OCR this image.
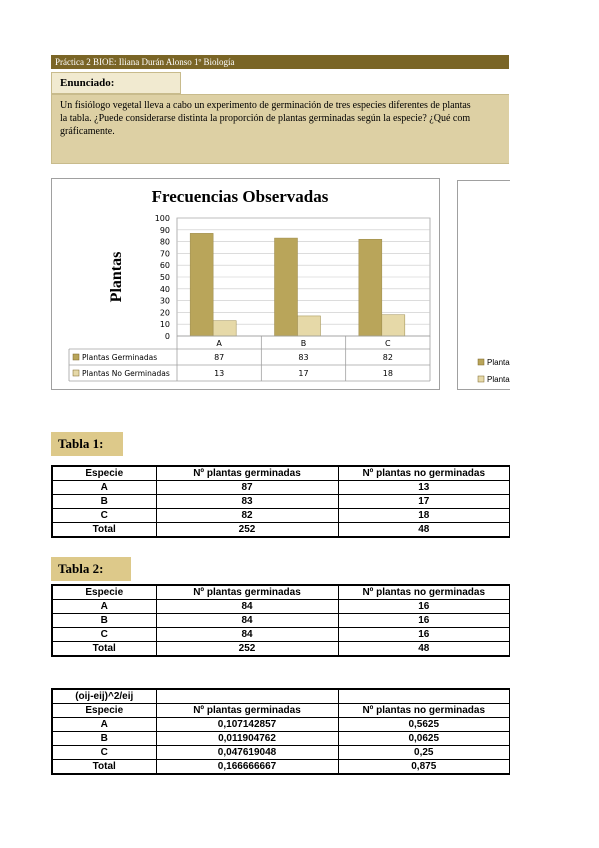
Práctica 2 BIOE: Iliana Durán Alonso 1º Biología
Enunciado:
Un fisiólogo vegetal lleva a cabo un experimento de germinación de tres especies diferentes de plantas
la tabla. ¿Puede considerarse distinta la proporción de plantas germinadas según la especie? ¿Qué com
gráficamente.
Frecuencias Observadas
Plantas
0
10
20
30
40
50
60
70
80
90
100
A	B	C
Plantas Germinadas	87	83	82
Plantas No Germinadas	13	17	18
Planta
Planta
Tabla 1:
Especie	Nº plantas germinadas	Nº plantas no germinadas
A	87	13
B	83	17
C	82	18
Total	252	48
Tabla 2:
Especie	Nº plantas germinadas	Nº plantas no germinadas
A	84	16
B	84	16
C	84	16
Total	252	48
(oij-eij)^2/eij		
Especie	Nº plantas germinadas	Nº plantas no germinadas
A	0,107142857	0,5625
B	0,011904762	0,0625
C	0,047619048	0,25
Total	0,166666667	0,875
